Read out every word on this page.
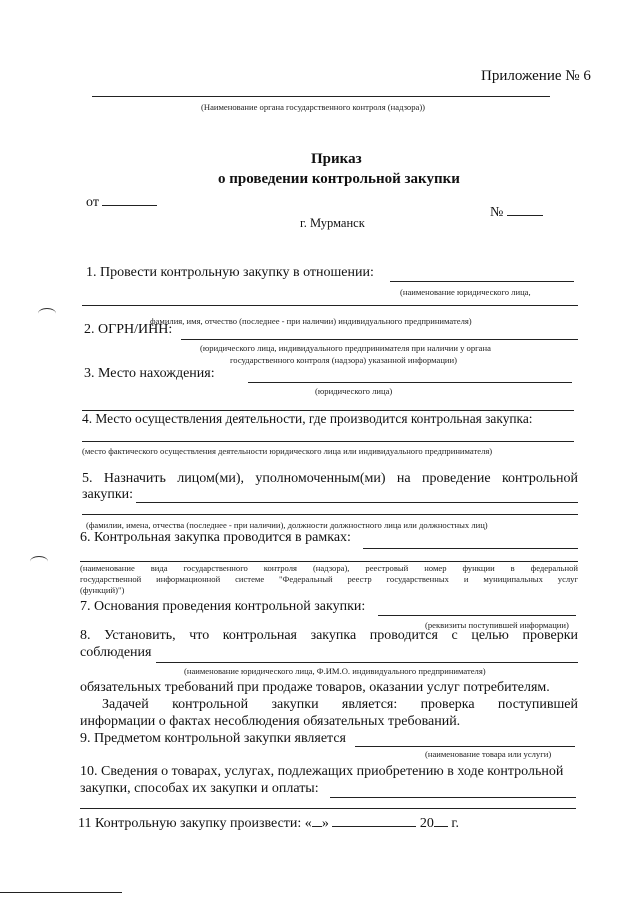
Приложение № 6
(Наименование органа государственного контроля (надзора))
Приказ
о проведении контрольной закупки
от
№
г. Мурманск
1. Провести контрольную закупку в отношении:
(наименование юридического лица,
фамилия, имя, отчество (последнее - при наличии) индивидуального предпринимателя)
2. ОГРН/ИНН:
(юридического лица, индивидуального предпринимателя при наличии у органа
государственного контроля (надзора) указанной информации)
3. Место нахождения:
(юридического лица)
4. Место осуществления деятельности, где производится контрольная закупка:
(место фактического осуществления деятельности юридического лица или индивидуального предпринимателя)
5. Назначить лицом(ми), уполномоченным(ми) на проведение контрольной
закупки:
(фамилии, имена, отчества (последнее - при наличии), должности должностного лица или должностных лиц)
6. Контрольная закупка проводится в рамках:
(наименование вида государственного контроля (надзора), реестровый номер функции в федеральной
государственной информационной системе "Федеральный реестр государственных и муниципальных услуг
(функций)")
7. Основания проведения контрольной закупки:
(реквизиты поступившей информации)
8. Установить, что контрольная закупка проводится с целью проверки
соблюдения
(наименование юридического лица, Ф.ИМ.О. индивидуального предпринимателя)
обязательных требований при продаже товаров, оказании услуг потребителям.
Задачей контрольной закупки является: проверка поступившей
информации о фактах несоблюдения обязательных требований.
9. Предметом контрольной закупки является
(наименование товара или услуги)
10. Сведения о товарах, услугах, подлежащих приобретению в ходе контрольной
закупки, способах их закупки и оплаты:
11 Контрольную закупку произвести: « »	20 г.
